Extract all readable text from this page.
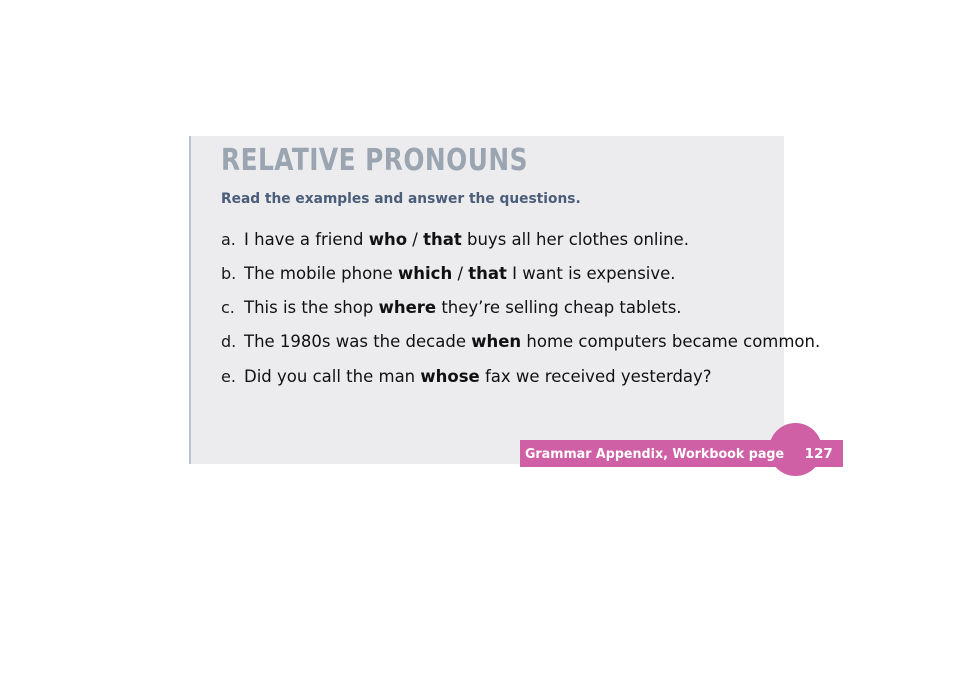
RELATIVE PRONOUNS
Read the examples and answer the questions.
a. I have a friend who / that buys all her clothes online.
b. The mobile phone which / that I want is expensive.
c. This is the shop where they’re selling cheap tablets.
d. The 1980s was the decade when home computers became common.
e. Did you call the man whose fax we received yesterday?
Grammar Appendix, Workbook page 127
